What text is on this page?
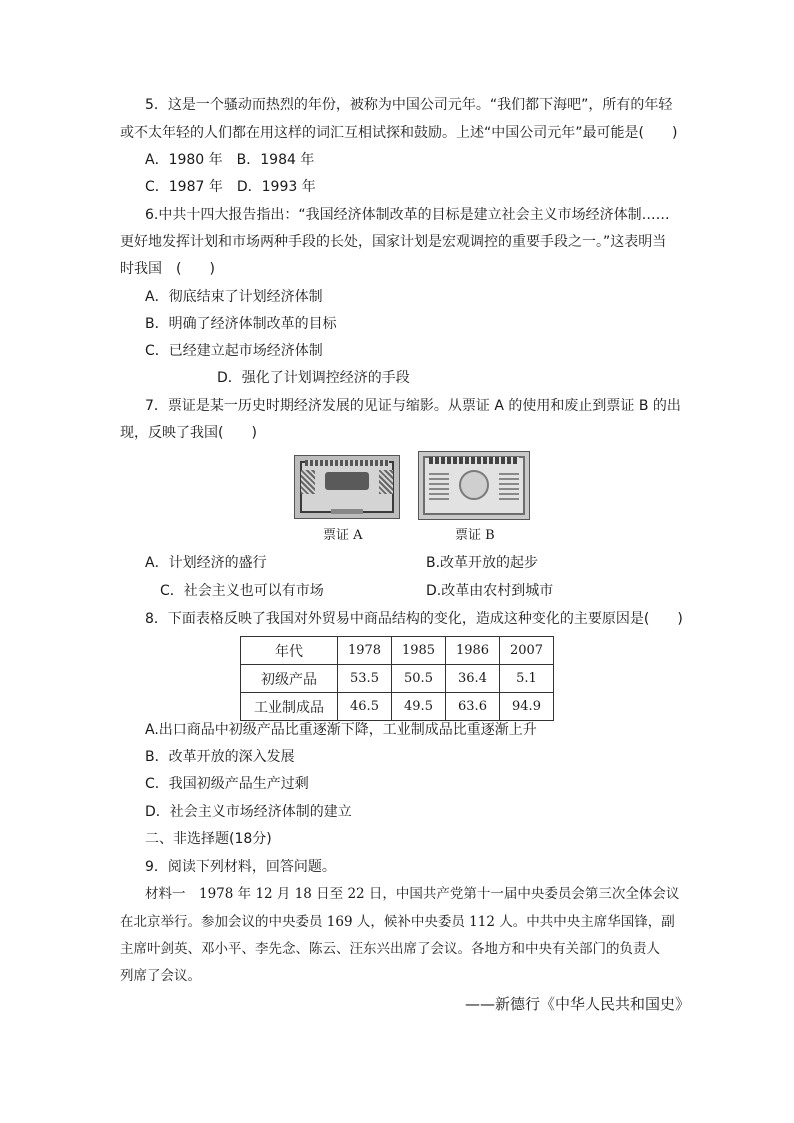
5．这是一个骚动而热烈的年份，被称为中国公司元年。“我们都下海吧”，所有的年轻
或不太年轻的人们都在用这样的词汇互相试探和鼓励。上述“中国公司元年”最可能是(　　)
A．1980 年　B．1984 年
C．1987 年　D．1993 年
6.中共十四大报告指出：“我国经济体制改革的目标是建立社会主义市场经济体制……
更好地发挥计划和市场两种手段的长处，国家计划是宏观调控的重要手段之一。”这表明当
时我国　(　　)
A．彻底结束了计划经济体制
B．明确了经济体制改革的目标
C．已经建立起市场经济体制
D．强化了计划调控经济的手段
7．票证是某一历史时期经济发展的见证与缩影。从票证 A 的使用和废止到票证 B 的出
现，反映了我国(　　)
票证 A	票证 B
A．计划经济的盛行	B.改革开放的起步
C．社会主义也可以有市场	D.改革由农村到城市
8．下面表格反映了我国对外贸易中商品结构的变化，造成这种变化的主要原因是(　　)
年代	1978	1985	1986	2007
初级产品	53.5	50.5	36.4	5.1
工业制成品	46.5	49.5	63.6	94.9
A.出口商品中初级产品比重逐渐下降，工业制成品比重逐渐上升
B．改革开放的深入发展
C．我国初级产品生产过剩
D．社会主义市场经济体制的建立
二、非选择题(18分)
9．阅读下列材料，回答问题。
材料一　1978 年 12 月 18 日至 22 日，中国共产党第十一届中央委员会第三次全体会议
在北京举行。参加会议的中央委员 169 人，候补中央委员 112 人。中共中央主席华国锋，副
主席叶剑英、邓小平、李先念、陈云、汪东兴出席了会议。各地方和中央有关部门的负责人
列席了会议。
——新德行《中华人民共和国史》
